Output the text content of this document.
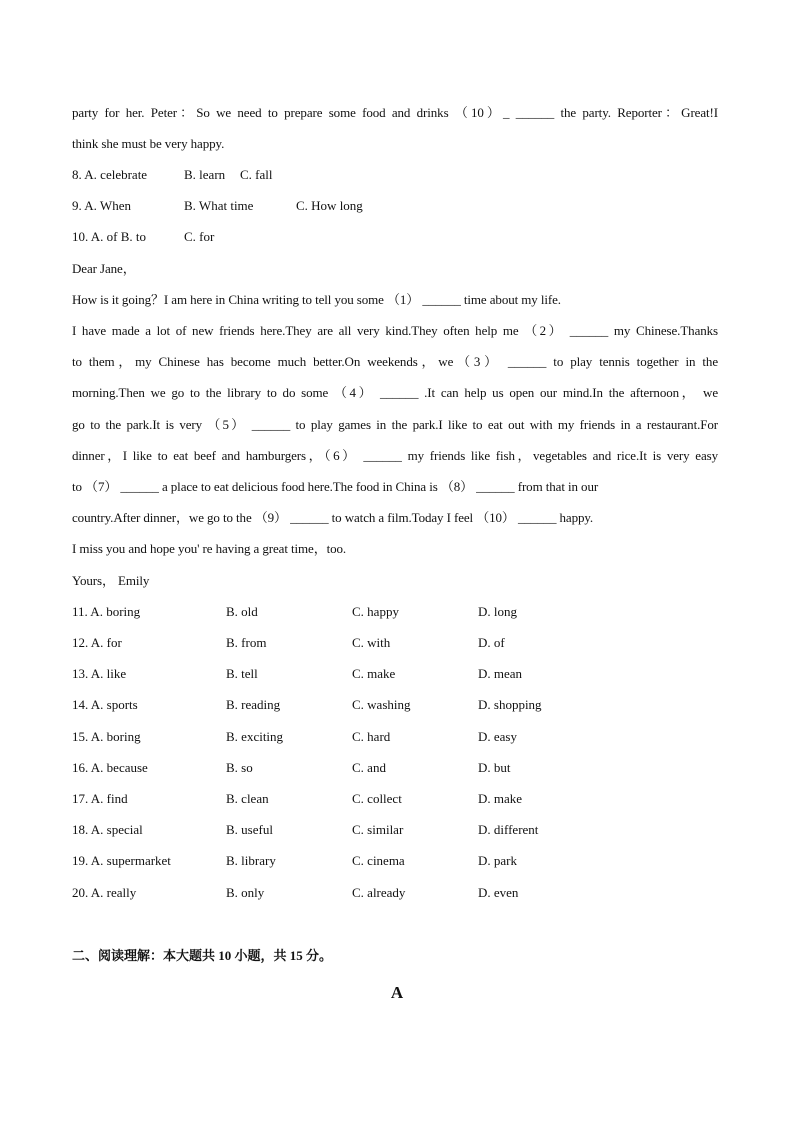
party for her. Peter：So we need to prepare some food and drinks （10）_ ______ the party. Reporter：Great!I
think she must be very happy.
8. A. celebrate	B. learn C. fall
9. A. When	B. What time	C. How long
10. A. of B. to	C. for
Dear Jane，
How is it going？I am here in China writing to tell you some （1） ______ time about my life.
I have made a lot of new friends here.They are all very kind.They often help me （2） ______ my Chinese.Thanks
to them，my Chinese has become much better.On weekends，we（3） ______ to play tennis together in the
morning.Then we go to the library to do some （4） ______ .It can help us open our mind.In the afternoon， we
go to the park.It is very （5） ______ to play games in the park.I like to eat out with my friends in a restaurant.For
dinner，I like to eat beef and hamburgers，（6） ______ my friends like fish，vegetables and rice.It is very easy
to （7） ______ a place to eat delicious food here.The food in China is （8） ______ from that in our
country.After dinner，we go to the （9） ______ to watch a film.Today I feel （10） ______ happy.
I miss you and hope you' re having a great time，too.
Yours， Emily
11. A. boring	B. old	C. happy	D. long
12. A. for	B. from	C. with	D. of
13. A. like	B. tell	C. make	D. mean
14. A. sports	B. reading	C. washing	D. shopping
15. A. boring	B. exciting	C. hard	D. easy
16. A. because	B. so	C. and	D. but
17. A. find	B. clean	C. collect	D. make
18. A. special	B. useful	C. similar	D. different
19. A. supermarket	B. library	C. cinema	D. park
20. A. really	B. only	C. already	D. even
二、阅读理解：本大题共 10 小题，共 15 分。
A
